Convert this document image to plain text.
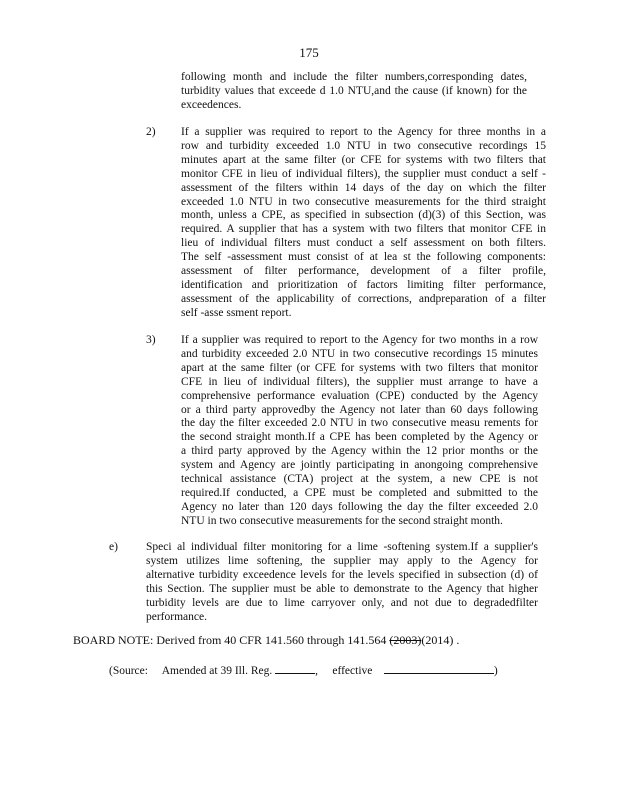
175
following month and include the filter numbers,corresponding dates,
turbidity values that exceede d 1.0 NTU,and the cause (if known) for the
exceedences.
2) If a supplier was required to report to the Agency for three months in a
row and turbidity exceeded 1.0 NTU in two consecutive recordings 15
minutes apart at the same filter (or CFE for systems with two filters that
monitor CFE in lieu of individual filters), the supplier must conduct a self -
assessment of the filters within 14 days of the day on which the filter
exceeded 1.0 NTU in two consecutive measurements for the third straight
month, unless a CPE, as specified in subsection (d)(3) of this Section, was
required. A supplier that has a system with two filters that monitor CFE in
lieu of individual filters must conduct a self assessment on both filters.
The self -assessment must consist of at lea st the following components:
assessment of filter performance, development of a filter profile,
identification and prioritization of factors limiting filter performance,
assessment of the applicability of corrections, andpreparation of a filter
self -asse ssment report.
3) If a supplier was required to report to the Agency for two months in a row
and turbidity exceeded 2.0 NTU in two consecutive recordings 15 minutes
apart at the same filter (or CFE for systems with two filters that monitor
CFE in lieu of individual filters), the supplier must arrange to have a
comprehensive performance evaluation (CPE) conducted by the Agency
or a third party approvedby the Agency not later than 60 days following
the day the filter exceeded 2.0 NTU in two consecutive measu rements for
the second straight month.If a CPE has been completed by the Agency or
a third party approved by the Agency within the 12 prior months or the
system and Agency are jointly participating in anongoing comprehensive
technical assistance (CTA) project at the system, a new CPE is not
required.If conducted, a CPE must be completed and submitted to the
Agency no later than 120 days following the day the filter exceeded 2.0
NTU in two consecutive measurements for the second straight month.
e) Speci al individual filter monitoring for a lime -softening system.If a supplier's
system utilizes lime softening, the supplier may apply to the Agency for
alternative turbidity exceedence levels for the levels specified in subsection (d) of
this Section. The supplier must be able to demonstrate to the Agency that higher
turbidity levels are due to lime carryover only, and not due to degradedfilter
performance.
BOARD NOTE: Derived from 40 CFR 141.560 through 141.564 (2003)(2014) .
(Source: Amended at 39 Ill. Reg.	, effective	)
